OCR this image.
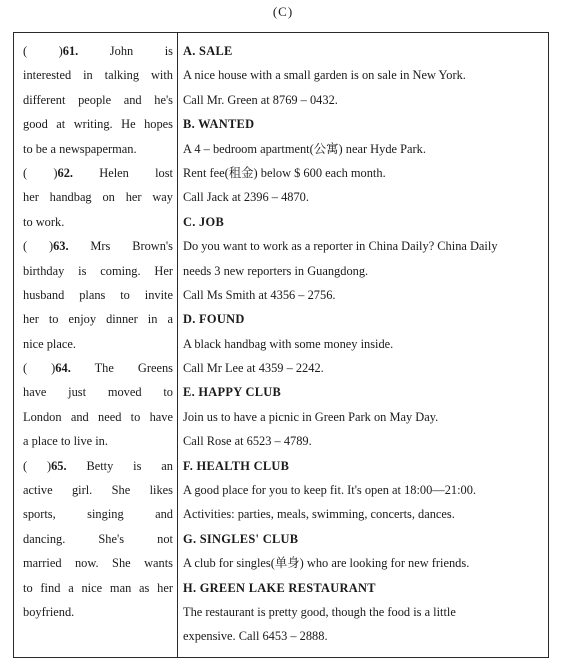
(C)
( )61.	John is
interested in talking with
different people and he's
good at writing. He hopes
to be a newspaperman.
( )62. Helen lost
her handbag on her way
to work.
( )63. Mrs Brown's
birthday is coming. Her
husband plans to invite
her to enjoy dinner in a
nice place.
( )64. The Greens
have just moved to
London and need to have
a place to live in.
( )65. Betty is an
active girl. She likes
sports, singing and
dancing. She's not
married now. She wants
to find a nice man as her
boyfriend.
A. SALE
A nice house with a small garden is on sale in New York.
Call Mr. Green at 8769 – 0432.
B. WANTED
A 4 – bedroom apartment(公寓) near Hyde Park.
Rent fee(租金) below $ 600 each month.
Call Jack at 2396 – 4870.
C. JOB
Do you want to work as a reporter in China Daily? China Daily
needs 3 new reporters in Guangdong.
Call Ms Smith at 4356 – 2756.
D. FOUND
A black handbag with some money inside.
Call Mr Lee at 4359 – 2242.
E. HAPPY CLUB
Join us to have a picnic in Green Park on May Day.
Call Rose at 6523 – 4789.
F. HEALTH CLUB
A good place for you to keep fit. It's open at 18:00—21:00.
Activities: parties, meals, swimming, concerts, dances.
G. SINGLES' CLUB
A club for singles(单身) who are looking for new friends.
H. GREEN LAKE RESTAURANT
The restaurant is pretty good, though the food is a little
expensive. Call 6453 – 2888.
